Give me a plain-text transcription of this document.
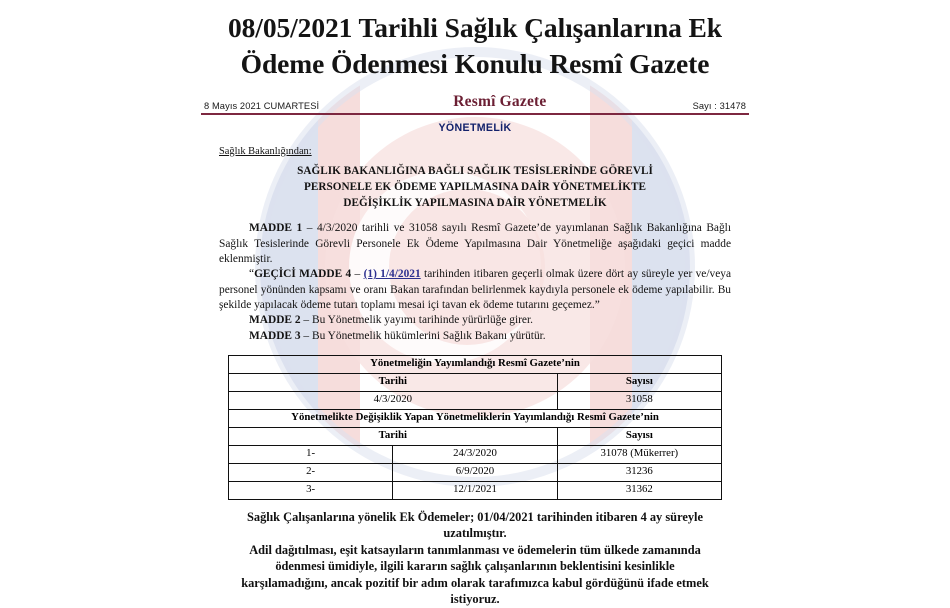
08/05/2021 Tarihli Sağlık Çalışanlarına Ek
Ödeme Ödenmesi Konulu Resmî Gazete
8 Mayıs 2021 CUMARTESİ	Resmî Gazete	Sayı : 31478
YÖNETMELİK
Sağlık Bakanlığından:
SAĞLIK BAKANLIĞINA BAĞLI SAĞLIK TESİSLERİNDE GÖREVLİ
PERSONELE EK ÖDEME YAPILMASINA DAİR YÖNETMELİKTE
DEĞİŞİKLİK YAPILMASINA DAİR YÖNETMELİK

MADDE 1 – 4/3/2020 tarihli ve 31058 sayılı Resmî Gazete’de yayımlanan Sağlık Bakanlığına Bağlı Sağlık Tesislerinde Görevli Personele Ek Ödeme Yapılmasına Dair Yönetmeliğe aşağıdaki geçici madde eklenmiştir.

“GEÇİCİ MADDE 4 – (1) 1/4/2021 tarihinden itibaren geçerli olmak üzere dört ay süreyle yer ve/veya personel yönünden kapsamı ve oranı Bakan tarafından belirlenmek kaydıyla personele ek ödeme yapılabilir. Bu şekilde yapılacak ödeme tutarı toplamı mesai içi tavan ek ödeme tutarını geçemez.”

MADDE 2 – Bu Yönetmelik yayımı tarihinde yürürlüğe girer.

MADDE 3 – Bu Yönetmelik hükümlerini Sağlık Bakanı yürütür.

Yönetmeliğin Yayımlandığı Resmî Gazete’nin		
Tarihi		Sayısı
4/3/2020		31058
Yönetmelikte Değişiklik Yapan Yönetmeliklerin Yayımlandığı Resmî Gazete’nin		
Tarihi		Sayısı
1-	24/3/2020	31078 (Mükerrer)
2-	6/9/2020	31236
3-	12/1/2021	31362
Sağlık Çalışanlarına yönelik Ek Ödemeler; 01/04/2021 tarihinden itibaren 4 ay süreyle
uzatılmıştır.
Adil dağıtılması, eşit katsayıların tanımlanması ve ödemelerin tüm ülkede zamanında
ödenmesi ümidiyle, ilgili kararın sağlık çalışanlarının beklentisini kesinlikle
karşılamadığını, ancak pozitif bir adım olarak tarafımızca kabul gördüğünü ifade etmek
istiyoruz.
